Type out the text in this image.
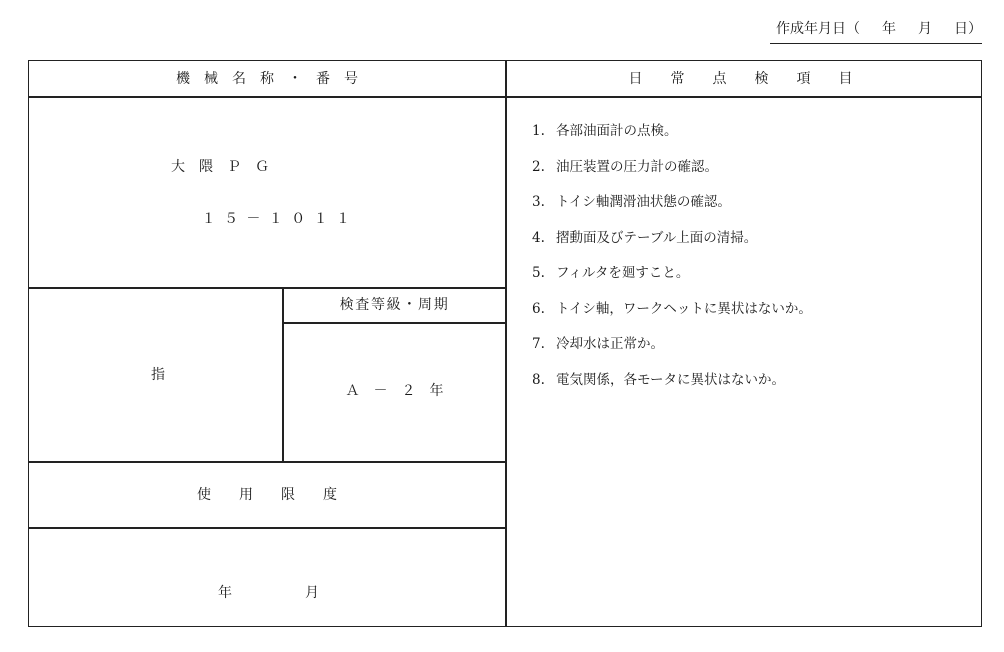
作成年月日（ 年 月 日）
機　械　名　称　・　番　号	日　常　点　検　項　目
大　隈　Ｐ　Ｇ
１５－１０１１
検査等級・周期
Ａ　－　２　年
指
使　　用　　限　　度
年	月
1. 各部油面計の点検。
2. 油圧装置の圧力計の確認。
3. トイシ軸潤滑油状態の確認。
4. 摺動面及びテーブル上面の清掃。
5. フィルタを廻すこと。
6. トイシ軸，ワークヘットに異状はないか。
7. 冷却水は正常か。
8. 電気関係，各モータに異状はないか。
